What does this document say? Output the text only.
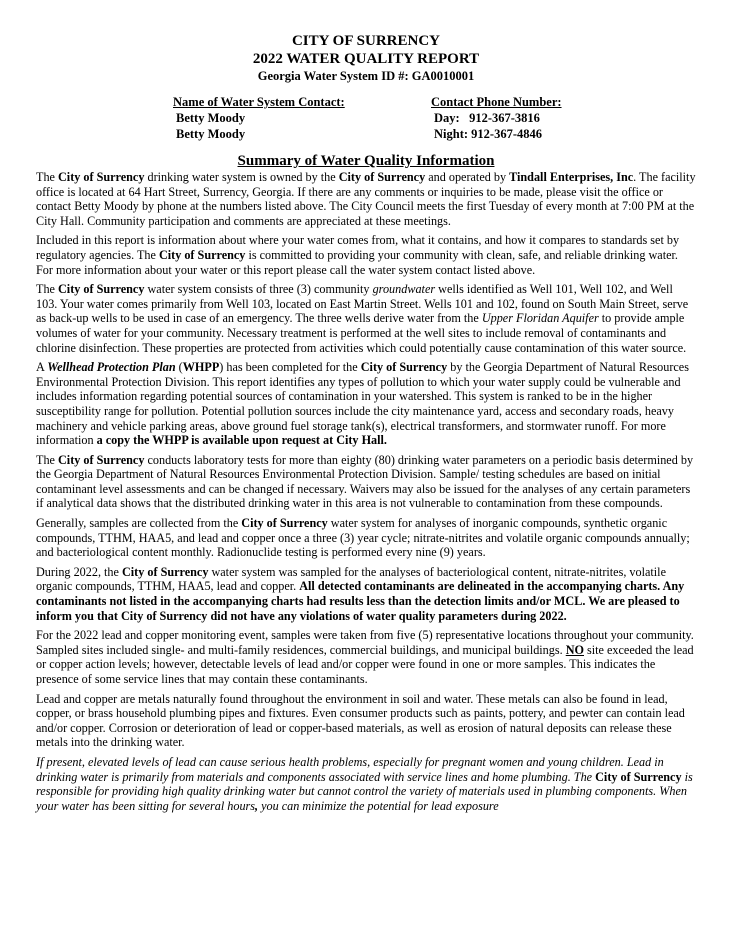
CITY OF SURRENCY
2022 WATER QUALITY REPORT
Georgia Water System ID #: GA0010001
Name of Water System Contact:
Betty Moody
Betty Moody
Contact Phone Number:
Day:   912-367-3816
Night: 912-367-4846
Summary of Water Quality Information

The City of Surrency drinking water system is owned by the City of Surrency and operated by Tindall Enterprises, Inc. The facility office is located at 64 Hart Street, Surrency, Georgia. If there are any comments or inquiries to be made, please visit the office or contact Betty Moody by phone at the numbers listed above. The City Council meets the first Tuesday of every month at 7:00 PM at the City Hall. Community participation and comments are appreciated at these meetings.

Included in this report is information about where your water comes from, what it contains, and how it compares to standards set by regulatory agencies. The City of Surrency is committed to providing your community with clean, safe, and reliable drinking water. For more information about your water or this report please call the water system contact listed above.

The City of Surrency water system consists of three (3) community groundwater wells identified as Well 101, Well 102, and Well 103. Your water comes primarily from Well 103, located on East Martin Street. Wells 101 and 102, found on South Main Street, serve as back-up wells to be used in case of an emergency. The three wells derive water from the Upper Floridan Aquifer to provide ample volumes of water for your community. Necessary treatment is performed at the well sites to include removal of contaminants and chlorine disinfection. These properties are protected from activities which could potentially cause contamination of this water source.

A Wellhead Protection Plan (WHPP) has been completed for the City of Surrency by the Georgia Department of Natural Resources Environmental Protection Division. This report identifies any types of pollution to which your water supply could be vulnerable and includes information regarding potential sources of contamination in your watershed. This system is ranked to be in the higher susceptibility range for pollution. Potential pollution sources include the city maintenance yard, access and secondary roads, heavy machinery and vehicle parking areas, above ground fuel storage tank(s), electrical transformers, and stormwater runoff. For more information a copy the WHPP is available upon request at City Hall.

The City of Surrency conducts laboratory tests for more than eighty (80) drinking water parameters on a periodic basis determined by the Georgia Department of Natural Resources Environmental Protection Division. Sample/ testing schedules are based on initial contaminant level assessments and can be changed if necessary. Waivers may also be issued for the analyses of any certain parameters if analytical data shows that the distributed drinking water in this area is not vulnerable to contamination from these compounds.

Generally, samples are collected from the City of Surrency water system for analyses of inorganic compounds, synthetic organic compounds, TTHM, HAA5, and lead and copper once a three (3) year cycle; nitrate-nitrites and volatile organic compounds annually; and bacteriological content monthly. Radionuclide testing is performed every nine (9) years.

During 2022, the City of Surrency water system was sampled for the analyses of bacteriological content, nitrate-nitrites, volatile organic compounds, TTHM, HAA5, lead and copper. All detected contaminants are delineated in the accompanying charts. Any contaminants not listed in the accompanying charts had results less than the detection limits and/or MCL. We are pleased to inform you that City of Surrency did not have any violations of water quality parameters during 2022.

For the 2022 lead and copper monitoring event, samples were taken from five (5) representative locations throughout your community. Sampled sites included single- and multi-family residences, commercial buildings, and municipal buildings. NO site exceeded the lead or copper action levels; however, detectable levels of lead and/or copper were found in one or more samples. This indicates the presence of some service lines that may contain these contaminants.

Lead and copper are metals naturally found throughout the environment in soil and water. These metals can also be found in lead, copper, or brass household plumbing pipes and fixtures. Even consumer products such as paints, pottery, and pewter can contain lead and/or copper. Corrosion or deterioration of lead or copper-based materials, as well as erosion of natural deposits can release these metals into the drinking water.

If present, elevated levels of lead can cause serious health problems, especially for pregnant women and young children. Lead in drinking water is primarily from materials and components associated with service lines and home plumbing. The City of Surrency is responsible for providing high quality drinking water but cannot control the variety of materials used in plumbing components. When your water has been sitting for several hours, you can minimize the potential for lead exposure
